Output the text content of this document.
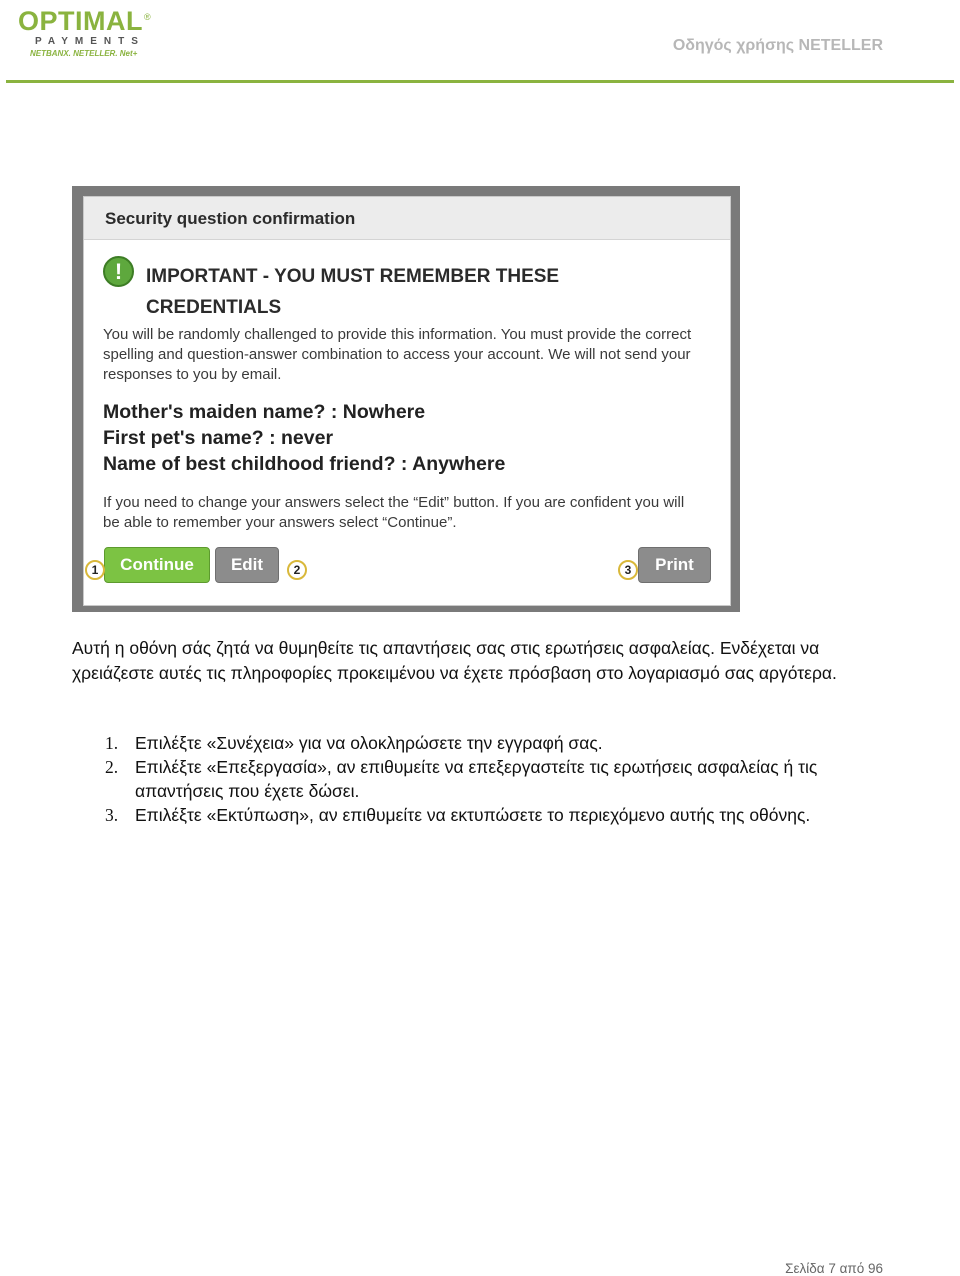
OPTIMAL ®
PAYMENTS
NETBANX. NETELLER. Net+	Οδηγός χρήσης NETELLER
Security question confirmation
!	IMPORTANT - YOU MUST REMEMBER THESE
CREDENTIALS
You will be randomly challenged to provide this information. You must provide the correct spelling and question-answer combination to access your account. We will not send your responses to you by email.
Mother's maiden name? : Nowhere
First pet's name? : never
Name of best childhood friend? : Anywhere
If you need to change your answers select the “Edit” button. If you are confident you will be able to remember your answers select “Continue”.
Continue	Edit	Print
1	2	3
Αυτή η οθόνη σάς ζητά να θυμηθείτε τις απαντήσεις σας στις ερωτήσεις ασφαλείας. Ενδέχεται να χρειάζεστε αυτές τις πληροφορίες προκειμένου να έχετε πρόσβαση στο λογαριασμό σας αργότερα.
1. Επιλέξτε «Συνέχεια» για να ολοκληρώσετε την εγγραφή σας.
2. Επιλέξτε «Επεξεργασία», αν επιθυμείτε να επεξεργαστείτε τις ερωτήσεις ασφαλείας ή τις απαντήσεις που έχετε δώσει.
3. Επιλέξτε «Εκτύπωση», αν επιθυμείτε να εκτυπώσετε το περιεχόμενο αυτής της οθόνης.
Σελίδα 7 από 96
